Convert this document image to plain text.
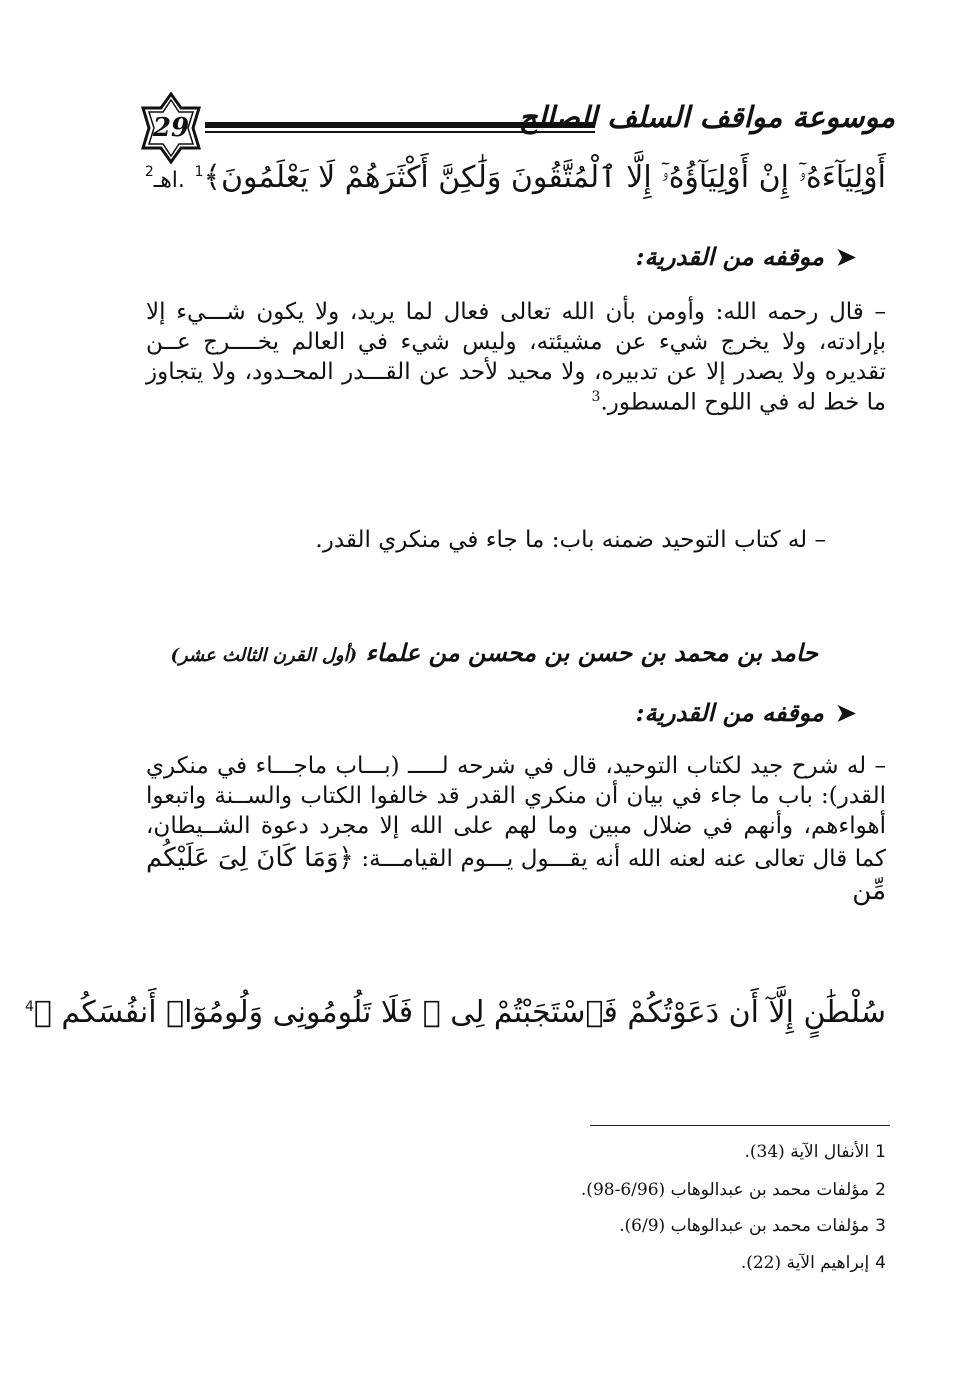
موسوعة مواقف السلف الصالح
29
أَوْلِيَآءَهُۥٓ إِنْ أَوْلِيَآؤُهُۥٓ إِلَّا ٱلْمُتَّقُونَ وَلَٰكِنَّ أَكْثَرَهُمْ لَا يَعْلَمُونَ﴾$^1$ .اهـ$^2$
➤
موقفه من القدرية:
– قال رحمه الله: وأومن بأن الله تعالى فعال لما يريد، ولا يكون شـــيء إلا بإرادته، ولا يخرج شيء عن مشيئته، وليس شيء في العالم يخــــرج عــن تقديره ولا يصدر إلا عن تدبيره، ولا محيد لأحد عن القـــدر المحـدود، ولا يتجاوز ما خط له في اللوح المسطور.$^3$
– له كتاب التوحيد ضمنه باب: ما جاء في منكري القدر.
حامد بن محمد بن حسن بن محسن من علماء (أول القرن الثالث عشر)
➤
موقفه من القدرية:
– له شرح جيد لكتاب التوحيد، قال في شرحه لـــــ (بـــاب ماجـــاء في منكري القدر): باب ما جاء في بيان أن منكري القدر قد خالفوا الكتاب والســنة واتبعوا أهواءهم، وأنهم في ضلال مبين وما لهم على الله إلا مجرد دعوة الشــيطان، كما قال تعالى عنه لعنه الله أنه يقـــول يـــوم القيامـــة: ﴿وَمَا كَانَ لِىَ عَلَيْكُم مِّن
سُلْطَٰنٍ إِلَّآ أَن دَعَوْتُكُمْ فَٱسْتَجَبْتُمْ لِى ۖ فَلَا تَلُومُونِى وَلُومُوٓا۟ أَنفُسَكُم ﴾$^4$
1الأنفال الآية (34).
2مؤلفات محمد بن عبدالوهاب (6/96-98).
3مؤلفات محمد بن عبدالوهاب (6/9).
4إبراهيم الآية (22).
